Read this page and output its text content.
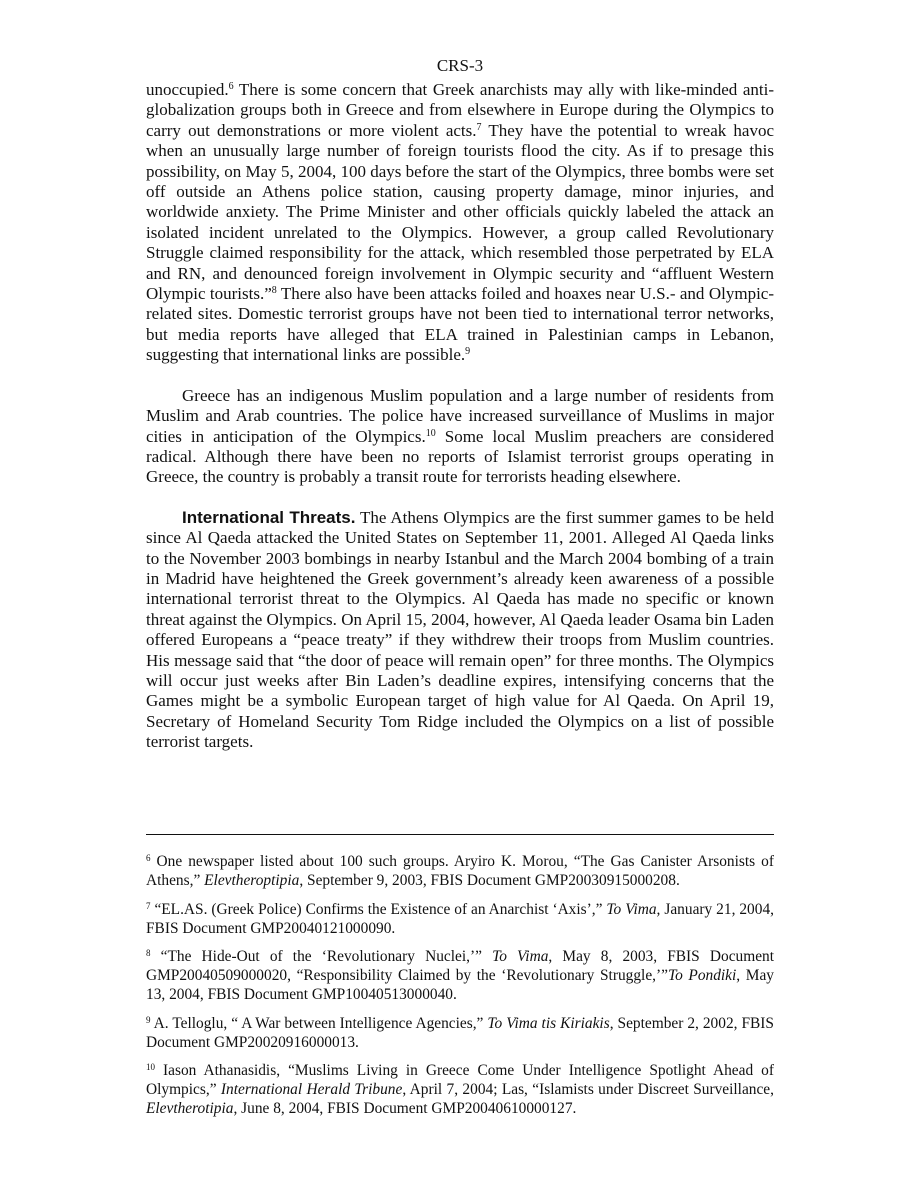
CRS-3

unoccupied.$^6$ There is some concern that Greek anarchists may ally with like-minded anti-globalization groups both in Greece and from elsewhere in Europe during the Olympics to carry out demonstrations or more violent acts.$^7$ They have the potential to wreak havoc when an unusually large number of foreign tourists flood the city. As if to presage this possibility, on May 5, 2004, 100 days before the start of the Olympics, three bombs were set off outside an Athens police station, causing property damage, minor injuries, and worldwide anxiety. The Prime Minister and other officials quickly labeled the attack an isolated incident unrelated to the Olympics. However, a group called Revolutionary Struggle claimed responsibility for the attack, which resembled those perpetrated by ELA and RN, and denounced foreign involvement in Olympic security and “affluent Western Olympic tourists.”$^8$ There also have been attacks foiled and hoaxes near U.S.- and Olympic-related sites. Domestic terrorist groups have not been tied to international terror networks, but media reports have alleged that ELA trained in Palestinian camps in Lebanon, suggesting that international links are possible.$^9$

Greece has an indigenous Muslim population and a large number of residents from Muslim and Arab countries. The police have increased surveillance of Muslims in major cities in anticipation of the Olympics.$^{10}$ Some local Muslim preachers are considered radical. Although there have been no reports of Islamist terrorist groups operating in Greece, the country is probably a transit route for terrorists heading elsewhere.

International Threats. The Athens Olympics are the first summer games to be held since Al Qaeda attacked the United States on September 11, 2001. Alleged Al Qaeda links to the November 2003 bombings in nearby Istanbul and the March 2004 bombing of a train in Madrid have heightened the Greek government’s already keen awareness of a possible international terrorist threat to the Olympics. Al Qaeda has made no specific or known threat against the Olympics. On April 15, 2004, however, Al Qaeda leader Osama bin Laden offered Europeans a “peace treaty” if they withdrew their troops from Muslim countries. His message said that “the door of peace will remain open” for three months. The Olympics will occur just weeks after Bin Laden’s deadline expires, intensifying concerns that the Games might be a symbolic European target of high value for Al Qaeda. On April 19, Secretary of Homeland Security Tom Ridge included the Olympics on a list of possible terrorist targets.

$^6$ One newspaper listed about 100 such groups. Aryiro K. Morou, “The Gas Canister Arsonists of Athens,” Elevtheroptipia, September 9, 2003, FBIS Document GMP20030915000208.

$^7$ “EL.AS. (Greek Police) Confirms the Existence of an Anarchist ‘Axis’,” To Vima, January 21, 2004, FBIS Document GMP20040121000090.

$^8$ “The Hide-Out of the ‘Revolutionary Nuclei,’” To Vima, May 8, 2003, FBIS Document GMP20040509000020, “Responsibility Claimed by the ‘Revolutionary Struggle,’”To Pondiki, May 13, 2004, FBIS Document GMP10040513000040.

$^9$ A. Telloglu, “ A War between Intelligence Agencies,” To Vima tis Kiriakis, September 2, 2002, FBIS Document GMP20020916000013.

$^{10}$ Iason Athanasidis, “Muslims Living in Greece Come Under Intelligence Spotlight Ahead of Olympics,” International Herald Tribune, April 7, 2004; Las, “Islamists under Discreet Surveillance, Elevtherotipia, June 8, 2004, FBIS Document GMP20040610000127.
